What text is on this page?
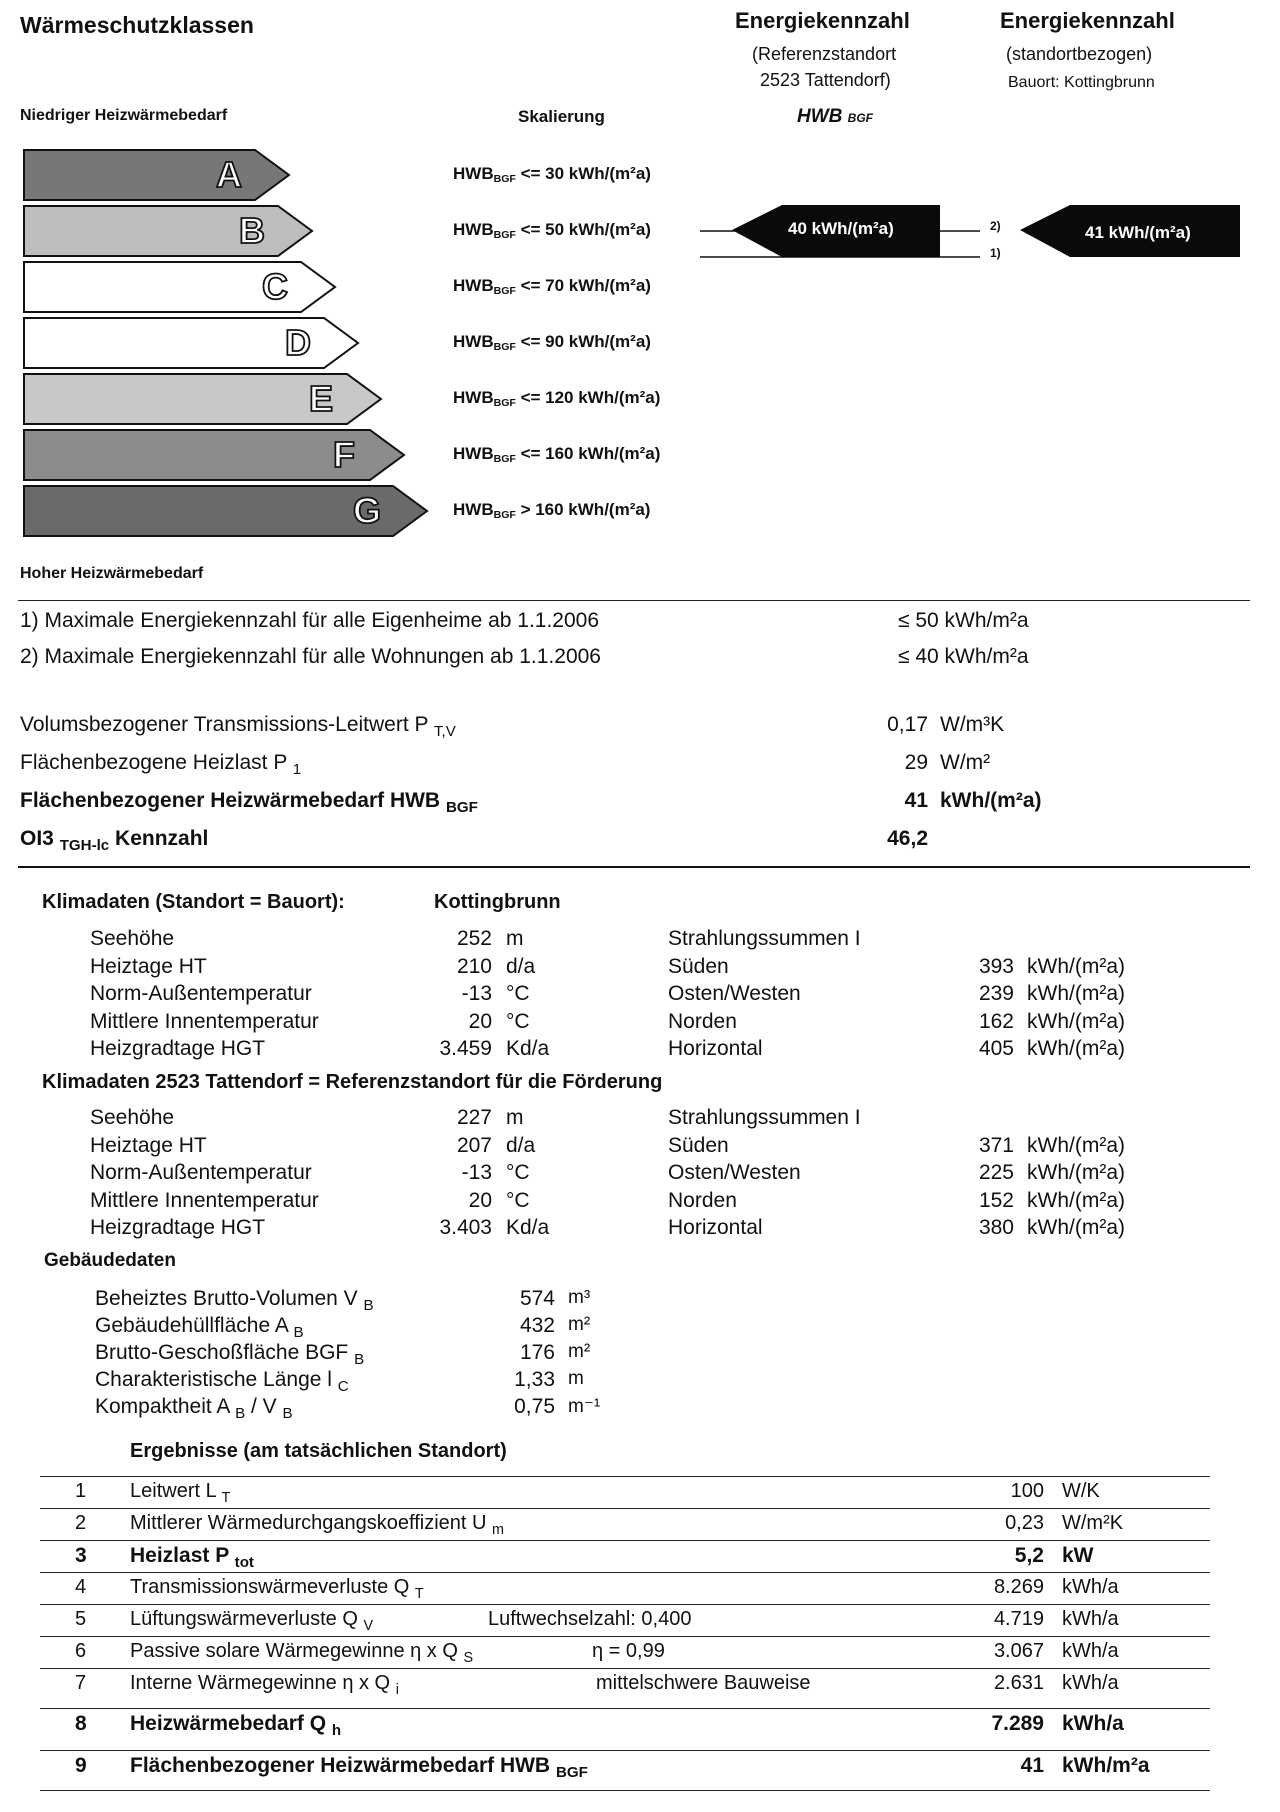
Wärmeschutzklassen	Energiekennzahl
(Referenzstandort
2523 Tattendorf)
Energiekennzahl
(standortbezogen)
Bauort: Kottingbrunn
Niedriger Heizwärmebedarf	Skalierung	HWB BGF
A
B
C
D
E
F
G
HWBBGF <= 30 kWh/(m²a)
HWBBGF <= 50 kWh/(m²a)
HWBBGF <= 70 kWh/(m²a)
HWBBGF <= 90 kWh/(m²a)
HWBBGF <= 120 kWh/(m²a)
HWBBGF <= 160 kWh/(m²a)
HWBBGF > 160 kWh/(m²a)
40 kWh/(m²a)	41 kWh/(m²a)
2)
1)
Hoher Heizwärmebedarf
1) Maximale Energiekennzahl für alle Eigenheime ab 1.1.2006	≤ 50 kWh/m²a
2) Maximale Energiekennzahl für alle Wohnungen ab 1.1.2006	≤ 40 kWh/m²a
Volumsbezogener Transmissions-Leitwert P $_{T,V}$	0,17 W/m³K
Flächenbezogene Heizlast P $_1$	29 W/m²
Flächenbezogener Heizwärmebedarf HWB $_{BGF}$	41 kWh/(m²a)
OI3 $_{TGH-lc}$ Kennzahl	46,2
Klimadaten (Standort = Bauort):	Kottingbrunn
Seehöhe	252 m	Strahlungssummen I
Heiztage HT	210 d/a	Süden	393 kWh/(m²a)
Norm-Außentemperatur	-13 °C	Osten/Westen	239 kWh/(m²a)
Mittlere Innentemperatur	20 °C	Norden	162 kWh/(m²a)
Heizgradtage HGT	3.459 Kd/a	Horizontal	405 kWh/(m²a)
Klimadaten 2523 Tattendorf = Referenzstandort für die Förderung
Seehöhe	227 m	Strahlungssummen I
Heiztage HT	207 d/a	Süden	371 kWh/(m²a)
Norm-Außentemperatur	-13 °C	Osten/Westen	225 kWh/(m²a)
Mittlere Innentemperatur	20 °C	Norden	152 kWh/(m²a)
Heizgradtage HGT	3.403 Kd/a	Horizontal	380 kWh/(m²a)
Gebäudedaten
Beheiztes Brutto-Volumen V $_B$	574 m³
Gebäudehüllfläche A $_B$	432 m²
Brutto-Geschoßfläche BGF $_B$	176 m²
Charakteristische Länge l $_C$	1,33 m
Kompaktheit A $_B$ / V $_B$	0,75 m⁻¹
Ergebnisse (am tatsächlichen Standort)
1 Leitwert L $_T$	100 W/K
2 Mittlerer Wärmedurchgangskoeffizient U $_m$	0,23 W/m²K
3 Heizlast P $_{tot}$	5,2 kW
4 Transmissionswärmeverluste Q $_T$	8.269 kWh/a
5 Lüftungswärmeverluste Q $_V$	Luftwechselzahl: 0,400	4.719 kWh/a
6 Passive solare Wärmegewinne η x Q $_S$	η = 0,99	3.067 kWh/a
7 Interne Wärmegewinne η x Q $_i$	mittelschwere Bauweise	2.631 kWh/a
8 Heizwärmebedarf Q $_h$	7.289 kWh/a
9 Flächenbezogener Heizwärmebedarf HWB $_{BGF}$	41 kWh/m²a
